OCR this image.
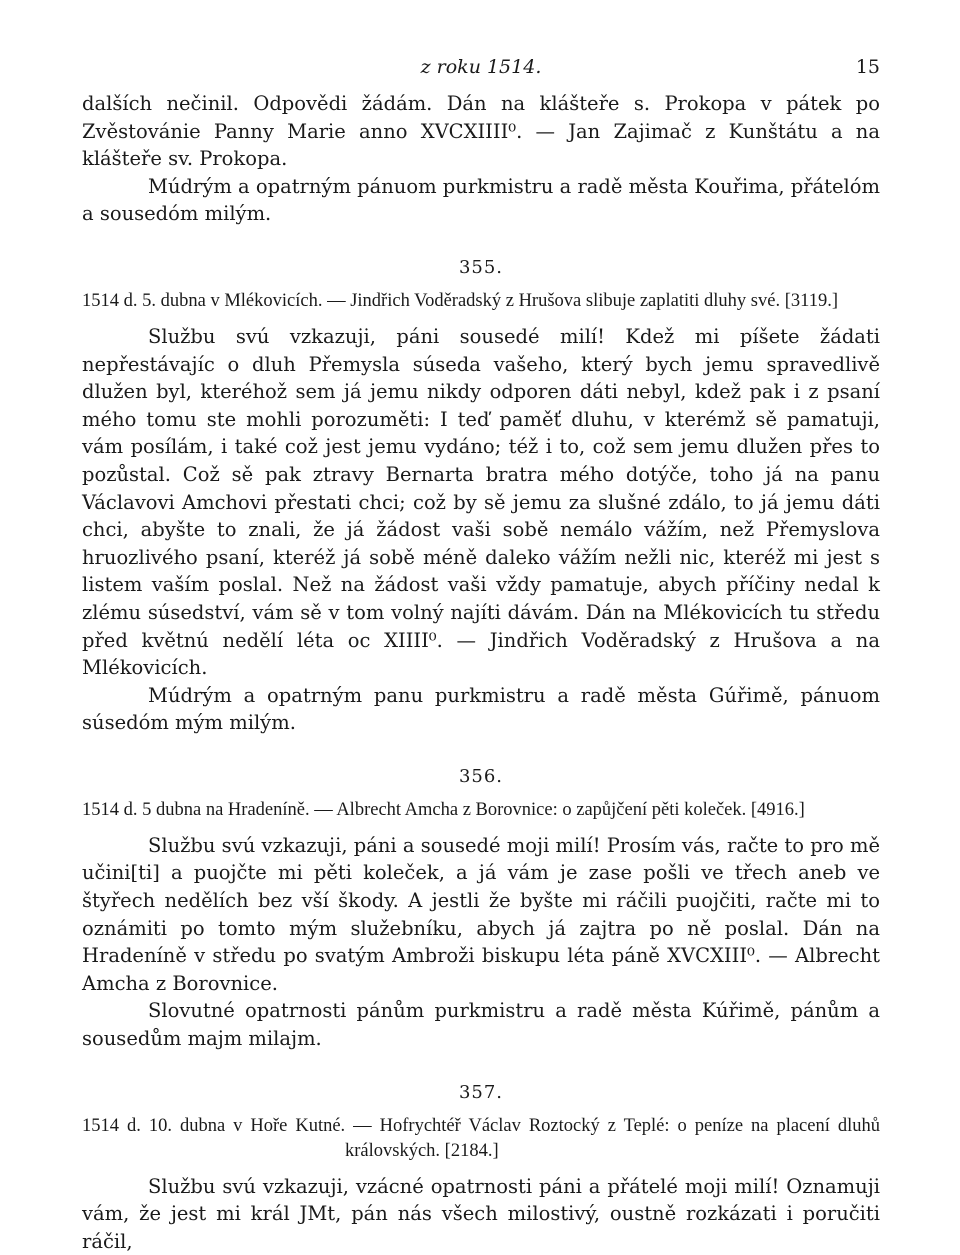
z roku 1514.	15

dalších nečinil. Odpovědi žádám. Dán na klášteře s. Prokopa v pátek po Zvěstovánie Panny Marie anno XVCXIIII⁰. — Jan Zajimač z Kunštátu a na klášteře sv. Prokopa.

Múdrým a opatrným pánuom purkmistru a radě města Kouřima, přátelóm a sousedóm milým.

355.
1514 d. 5. dubna v Mlékovicích. — Jindřich Voděradský z Hrušova slibuje zaplatiti dluhy své. [3119.]

Službu svú vzkazuji, páni sousedé milí! Kdež mi píšete žádati nepřestávajíc o dluh Přemysla súseda vašeho, který bych jemu spravedlivě dlužen byl, kteréhož sem já jemu nikdy odporen dáti nebyl, kdež pak i z psaní mého tomu ste mohli porozuměti: I teď paměť dluhu, v kterémž sě pamatuji, vám posílám, i také což jest jemu vydáno; též i to, což sem jemu dlužen přes to pozůstal. Což sě pak ztravy Bernarta bratra mého dotýče, toho já na panu Václavovi Amchovi přestati chci; což by sě jemu za slušné zdálo, to já jemu dáti chci, abyšte to znali, že já žádost vaši sobě nemálo vážím, než Přemyslova hruozlivého psaní, kteréž já sobě méně daleko vážím nežli nic, kteréž mi jest s listem vaším poslal. Než na žádost vaši vždy pamatuje, abych příčiny nedal k zlému súsedství, vám sě v tom volný najíti dávám. Dán na Mlékovicích tu středu před květnú nedělí léta oc XIIII⁰. — Jindřich Voděradský z Hrušova a na Mlékovicích.

Múdrým a opatrným panu purkmistru a radě města Gúřimě, pánuom súsedóm mým milým.

356.
1514 d. 5 dubna na Hradeníně. — Albrecht Amcha z Borovnice: o zapůjčení pěti koleček. [4916.]

Službu svú vzkazuji, páni a sousedé moji milí! Prosím vás, račte to pro mě učini[ti] a puojčte mi pěti koleček, a já vám je zase pošli ve třech aneb ve štyřech nedělích bez vší škody. A jestli že byšte mi ráčili puojčiti, račte mi to oznámiti po tomto mým služebníku, abych já zajtra po ně poslal. Dán na Hradeníně v středu po svatým Ambroži biskupu léta páně XVCXIII⁰. — Albrecht Amcha z Borovnice.

Slovutné opatrnosti pánům purkmistru a radě města Kúřimě, pánům a sousedům majm milajm.

357.
1514 d. 10. dubna v Hoře Kutné. — Hofrychtéř Václav Roztocký z Teplé: o peníze na placení dluhů královských. [2184.]

Službu svú vzkazuji, vzácné opatrnosti páni a přátelé moji milí! Oznamuji vám, že jest mi král JMt, pán nás všech milostivý, oustně rozkázati i poručiti ráčil,
